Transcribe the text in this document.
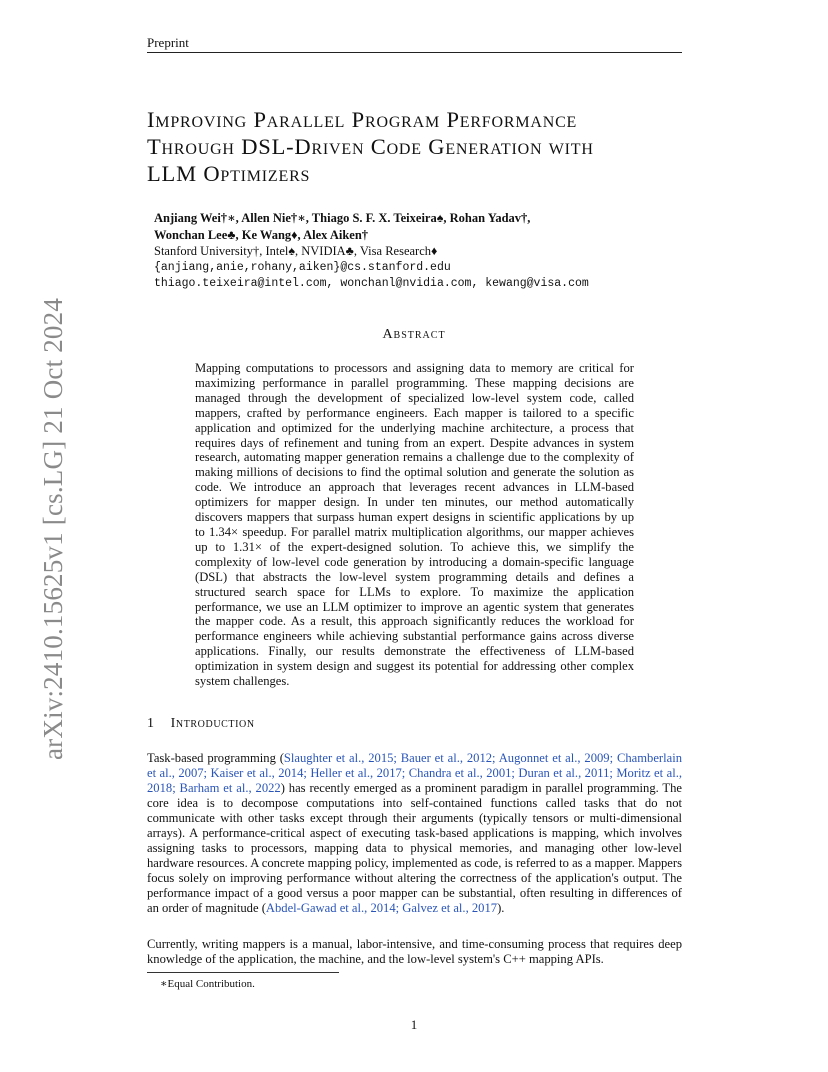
Preprint
arXiv:2410.15625v1 [cs.LG] 21 Oct 2024
Improving Parallel Program Performance
Through DSL-Driven Code Generation with
LLM Optimizers
Anjiang Wei†∗, Allen Nie†∗, Thiago S. F. X. Teixeira♠, Rohan Yadav†,
Wonchan Lee♣, Ke Wang♦, Alex Aiken†
Stanford University†, Intel♠, NVIDIA♣, Visa Research♦
{anjiang,anie,rohany,aiken}@cs.stanford.edu
thiago.teixeira@intel.com, wonchanl@nvidia.com, kewang@visa.com
Abstract
Mapping computations to processors and assigning data to memory are critical for maximizing performance in parallel programming. These mapping decisions are managed through the development of specialized low-level system code, called mappers, crafted by performance engineers. Each mapper is tailored to a specific application and optimized for the underlying machine architecture, a process that requires days of refinement and tuning from an expert. Despite advances in system research, automating mapper generation remains a challenge due to the complexity of making millions of decisions to find the optimal solution and generate the solution as code. We introduce an approach that leverages recent advances in LLM-based optimizers for mapper design. In under ten minutes, our method automatically discovers mappers that surpass human expert designs in scientific applications by up to 1.34× speedup. For parallel matrix multiplication algorithms, our mapper achieves up to 1.31× of the expert-designed solution. To achieve this, we simplify the complexity of low-level code generation by introducing a domain-specific language (DSL) that abstracts the low-level system programming details and defines a structured search space for LLMs to explore. To maximize the application performance, we use an LLM optimizer to improve an agentic system that generates the mapper code. As a result, this approach significantly reduces the workload for performance engineers while achieving substantial performance gains across diverse applications. Finally, our results demonstrate the effectiveness of LLM-based optimization in system design and suggest its potential for addressing other complex system challenges.
1 Introduction
Task-based programming (Slaughter et al., 2015; Bauer et al., 2012; Augonnet et al., 2009; Chamberlain et al., 2007; Kaiser et al., 2014; Heller et al., 2017; Chandra et al., 2001; Duran et al., 2011; Moritz et al., 2018; Barham et al., 2022) has recently emerged as a prominent paradigm in parallel programming. The core idea is to decompose computations into self-contained functions called tasks that do not communicate with other tasks except through their arguments (typically tensors or multi-dimensional arrays). A performance-critical aspect of executing task-based applications is mapping, which involves assigning tasks to processors, mapping data to physical memories, and managing other low-level hardware resources. A concrete mapping policy, implemented as code, is referred to as a mapper. Mappers focus solely on improving performance without altering the correctness of the application's output. The performance impact of a good versus a poor mapper can be substantial, often resulting in differences of an order of magnitude (Abdel-Gawad et al., 2014; Galvez et al., 2017).
Currently, writing mappers is a manual, labor-intensive, and time-consuming process that requires deep knowledge of the application, the machine, and the low-level system's C++ mapping APIs.
∗Equal Contribution.
1
